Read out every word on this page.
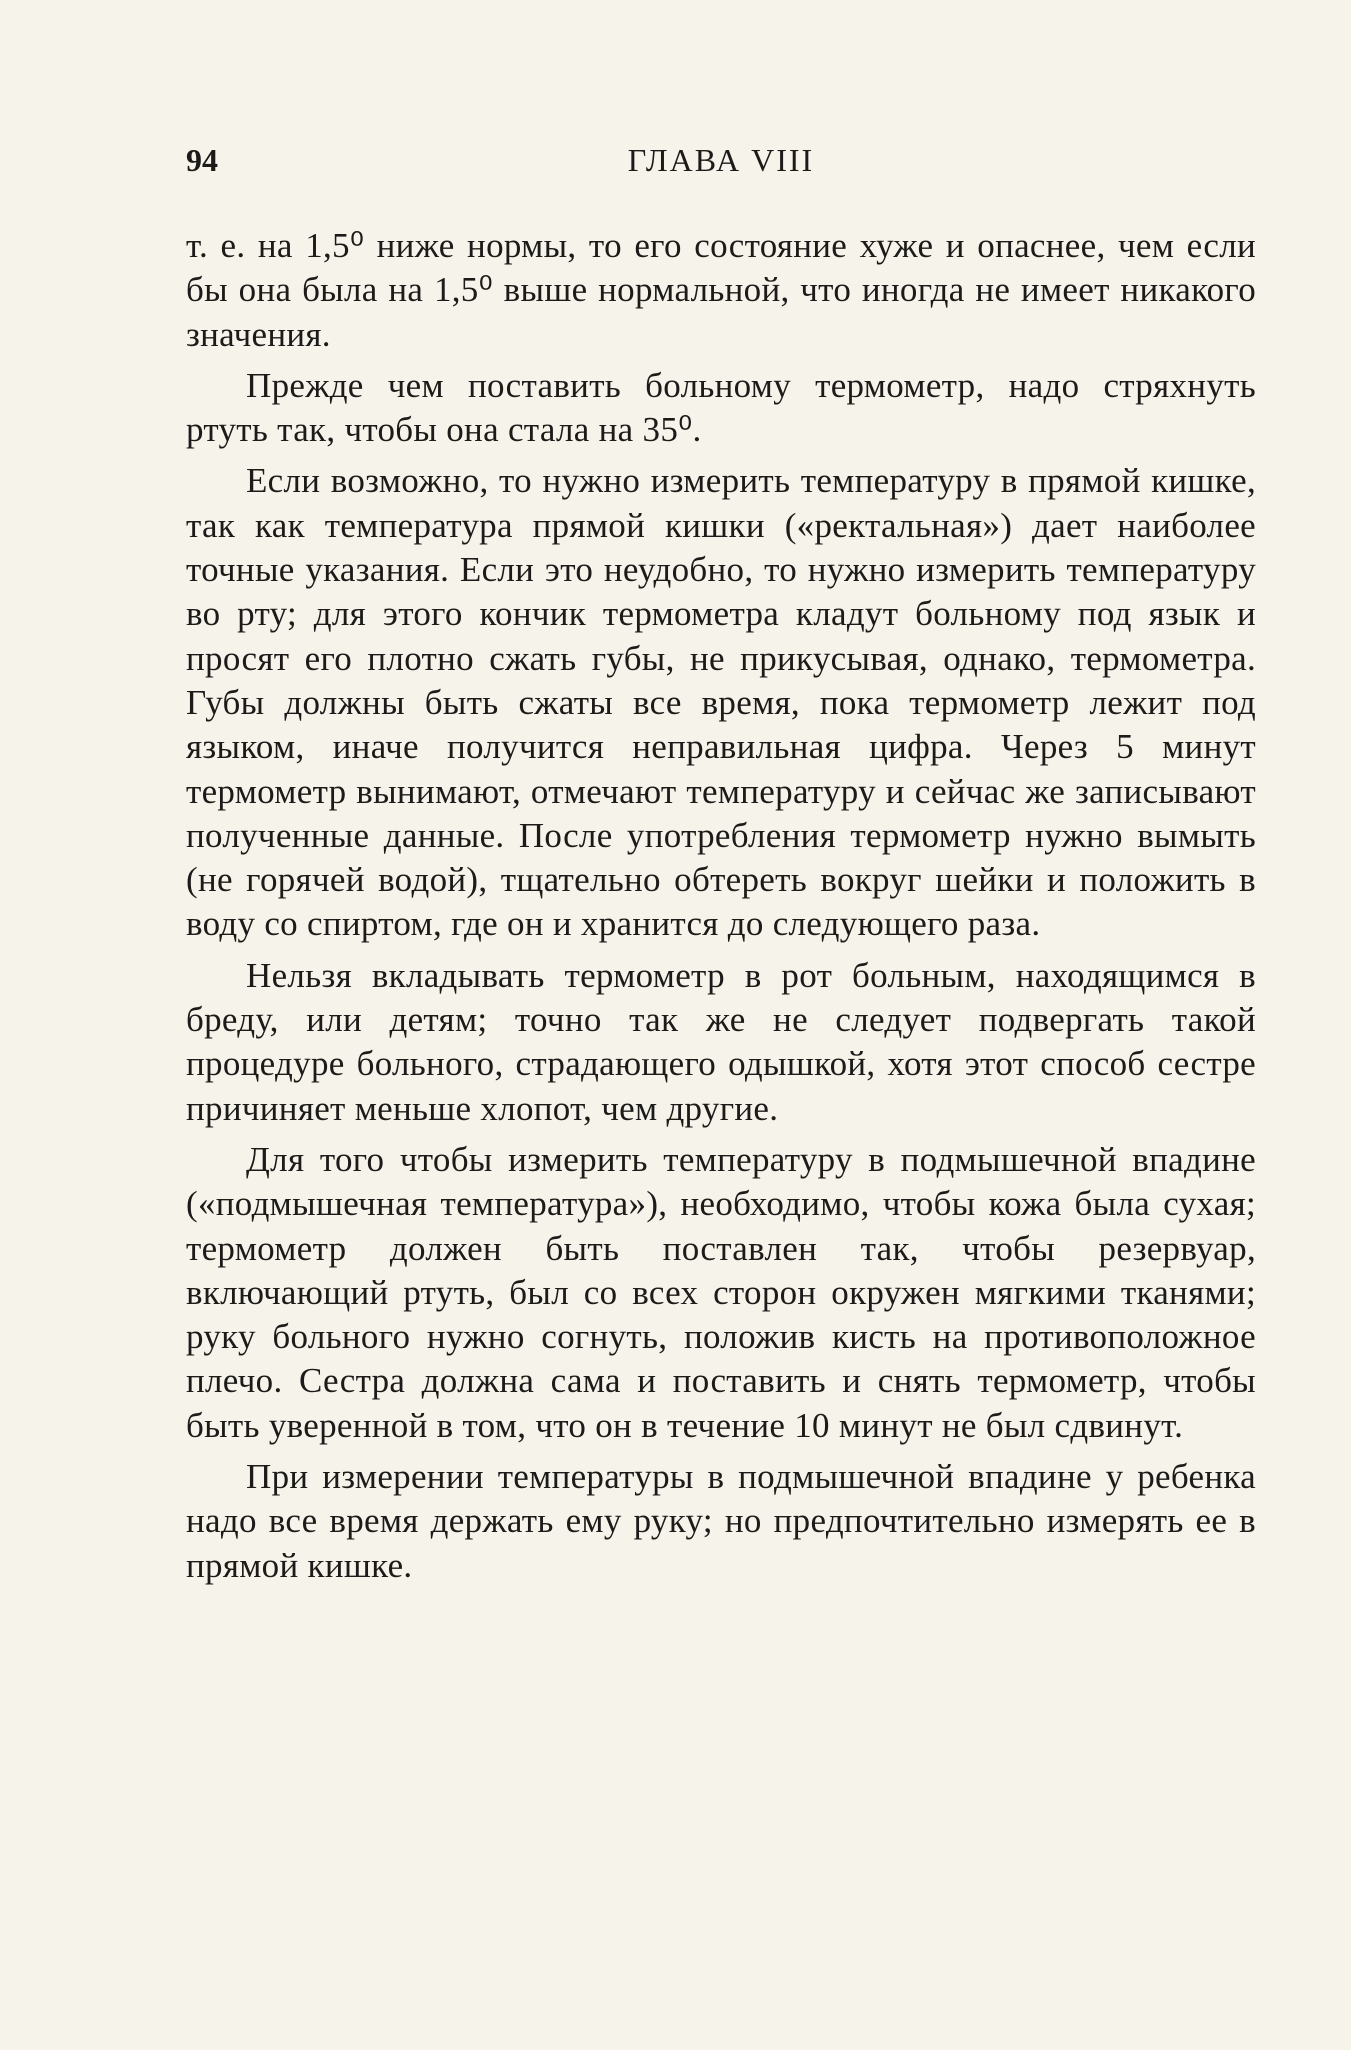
94	ГЛАВА VIII

т. е. на 1,5⁰ ниже нормы, то его состояние хуже и опаснее, чем если бы она была на 1,5⁰ выше нормальной, что иногда не имеет никакого значения.

Прежде чем поставить больному термометр, надо стряхнуть ртуть так, чтобы она стала на 35⁰.

Если возможно, то нужно измерить температуру в прямой кишке, так как температура прямой кишки («ректальная») дает наиболее точные указания. Если это неудобно, то нужно измерить температуру во рту; для этого кончик термометра кладут больному под язык и просят его плотно сжать губы, не прикусывая, однако, термометра. Губы должны быть сжаты все время, пока термометр лежит под языком, иначе получится неправильная цифра. Через 5 минут термометр вынимают, отмечают температуру и сейчас же записывают полученные данные. После употребления термометр нужно вымыть (не горячей водой), тщательно обтереть вокруг шейки и положить в воду со спиртом, где он и хранится до следующего раза.

Нельзя вкладывать термометр в рот больным, находящимся в бреду, или детям; точно так же не следует подвергать такой процедуре больного, страдающего одышкой, хотя этот способ сестре причиняет меньше хлопот, чем другие.

Для того чтобы измерить температуру в подмышечной впадине («подмышечная температура»), необходимо, чтобы кожа была сухая; термометр должен быть поставлен так, чтобы резервуар, включающий ртуть, был со всех сторон окружен мягкими тканями; руку больного нужно согнуть, положив кисть на противоположное плечо. Сестра должна сама и поставить и снять термометр, чтобы быть уверенной в том, что он в течение 10 минут не был сдвинут.

При измерении температуры в подмышечной впадине у ребенка надо все время держать ему руку; но предпочтительно измерять ее в прямой кишке.
